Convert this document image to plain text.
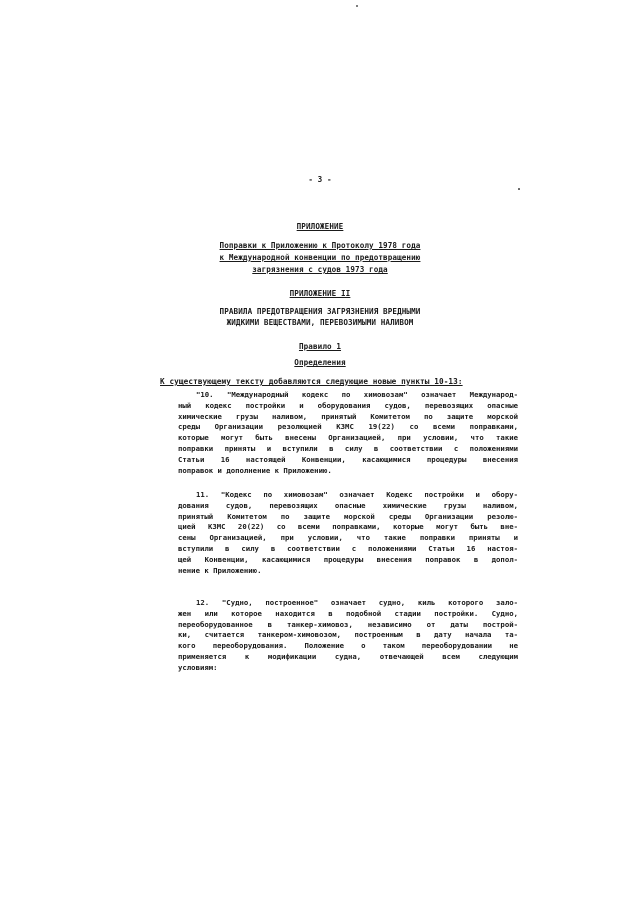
- 3 -
ПРИЛОЖЕНИЕ
Поправки к Приложению к Протоколу 1978 года
к Международной конвенции по предотвращению
загрязнения с судов 1973 года
ПРИЛОЖЕНИЕ II
ПРАВИЛА ПРЕДОТВРАЩЕНИЯ ЗАГРЯЗНЕНИЯ ВРЕДНЫМИ
ЖИДКИМИ ВЕЩЕСТВАМИ, ПЕРЕВОЗИМЫМИ НАЛИВОМ
Правило 1
Определения
К существующему тексту добавляются следующие новые пункты 10-13:
"10. "Международный кодекс по химовозам" означает Международ-
ный кодекс постройки и оборудования судов, перевозящих опасные
химические грузы наливом, принятый Комитетом по защите морской
среды Организации резолюцией КЗМС 19(22) со всеми поправками,
которые могут быть внесены Организацией, при условии, что такие
поправки приняты и вступили в силу в соответствии с положениями
Статьи 16 настоящей Конвенции, касающимися процедуры внесения
поправок и дополнение к Приложению.
11. "Кодекс по химовозам" означает Кодекс постройки и обору-
дования судов, перевозящих опасные химические грузы наливом,
принятый Комитетом по защите морской среды Организации резолю-
цией КЗМС 20(22) со всеми поправками, которые могут быть вне-
сены Организацией, при условии, что такие поправки приняты и
вступили в силу в соответствии с положениями Статьи 16 настоя-
щей Конвенции, касающимися процедуры внесения поправок в допол-
нение к Приложению.
12. "Судно, построенное" означает судно, киль которого зало-
жен или которое находится в подобной стадии постройки. Судно,
переоборудованное в танкер-химовоз, независимо от даты построй-
ки, считается танкером-химовозом, построенным в дату начала та-
кого переоборудования. Положение о таком переоборудовании не
применяется к модификации судна, отвечающей всем следующим
условиям:
